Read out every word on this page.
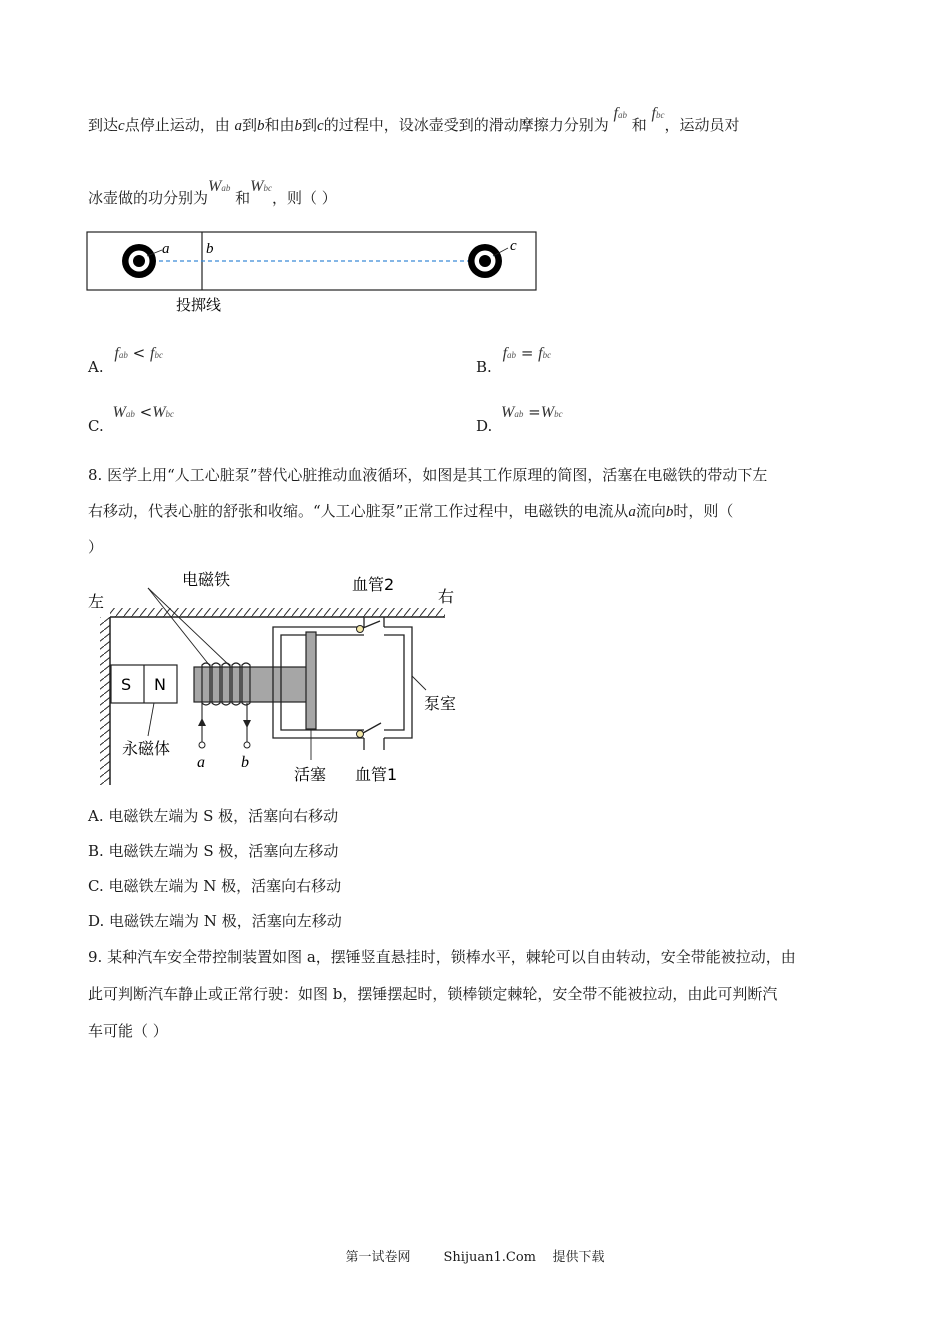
到达c点停止运动，由 a到b和由b到c的过程中，设冰壶受到的滑动摩擦力分别为 fab 和 fbc，运动员对
冰壶做的功分别为Wab 和Wbc，则（ ）
a b	c
投掷线
A. fab < fbc
B. fab = fbc
C. Wab <Wbc
D. Wab =Wbc
8. 医学上用“人工心脏泵”替代心脏推动血液循环，如图是其工作原理的简图，活塞在电磁铁的带动下左
右移动，代表心脏的舒张和收缩。“人工心脏泵”正常工作过程中，电磁铁的电流从a流向b时，则（
）
左	右
电磁铁	血管2
S N
永磁体
a b
泵室
活塞 血管1
A. 电磁铁左端为 S 极，活塞向右移动
B. 电磁铁左端为 S 极，活塞向左移动
C. 电磁铁左端为 N 极，活塞向右移动
D. 电磁铁左端为 N 极，活塞向左移动
9. 某种汽车安全带控制装置如图 a，摆锤竖直悬挂时，锁棒水平，棘轮可以自由转动，安全带能被拉动，由
此可判断汽车静止或正常行驶：如图 b，摆锤摆起时，锁棒锁定棘轮，安全带不能被拉动，由此可判断汽
车可能（ ）
第一试卷网        Shijuan1.Com    提供下载
